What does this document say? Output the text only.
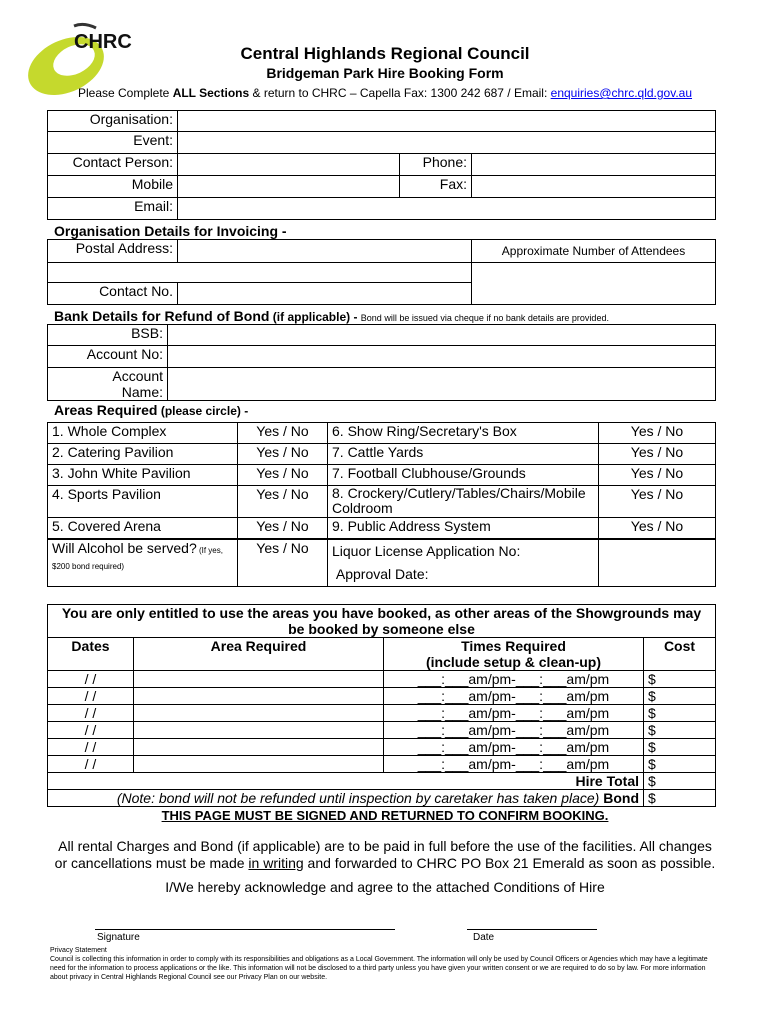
CHRC
Central Highlands Regional Council
Bridgeman Park Hire Booking Form
Please Complete ALL Sections & return to CHRC – Capella Fax: 1300 242 687 / Email: enquiries@chrc.qld.gov.au
Organisation:			
Event:			
Contact Person:		Phone:	
Mobile		Fax:	
Email:			
Organisation Details for Invoicing -
Postal Address:		Approximate Number of Attendees

Contact No.		
Bank Details for Refund of Bond (if applicable) - Bond will be issued via cheque if no bank details are provided.
BSB:	
Account No:	
Account
Name:	
Areas Required (please circle) -
1. Whole Complex	Yes / No	6. Show Ring/Secretary's Box	Yes / No
2. Catering Pavilion	Yes / No	7. Cattle Yards	Yes / No
3. John White Pavilion	Yes / No	7. Football Clubhouse/Grounds	Yes / No
4. Sports Pavilion	Yes / No	8. Crockery/Cutlery/Tables/Chairs/Mobile
Coldroom	Yes / No
5. Covered Arena	Yes / No	9. Public Address System	Yes / No
Will Alcohol be served? (If yes,
$200 bond required)	Yes / No	Liquor License Application No:
Approval Date:	
You are only entitled to use the areas you have booked, as other areas of the Showgrounds may
be booked by someone else			
Dates	Area Required	Times Required
(include setup & clean-up)	Cost
/ /		___:___am/pm-___:___am/pm	$
/ /		___:___am/pm-___:___am/pm	$
/ /		___:___am/pm-___:___am/pm	$
/ /		___:___am/pm-___:___am/pm	$
/ /		___:___am/pm-___:___am/pm	$
/ /		___:___am/pm-___:___am/pm	$
Hire Total			$
(Note: bond will not be refunded until inspection by caretaker has taken place) Bond			$
THIS PAGE MUST BE SIGNED AND RETURNED TO CONFIRM BOOKING.
All rental Charges and Bond (if applicable) are to be paid in full before the use of the facilities. All changes
or cancellations must be made in writing and forwarded to CHRC PO Box 21 Emerald as soon as possible.
I/We hereby acknowledge and agree to the attached Conditions of Hire
Signature	Date
Privacy Statement
Council is collecting this information in order to comply with its responsibilities and obligations as a Local Government. The information will only be used by Council Officers or Agencies which may have a legitimate need for the information to process applications or the like. This information will not be disclosed to a third party unless you have given your written consent or we are required to do so by law. For more information about privacy in Central Highlands Regional Council see our Privacy Plan on our website.
